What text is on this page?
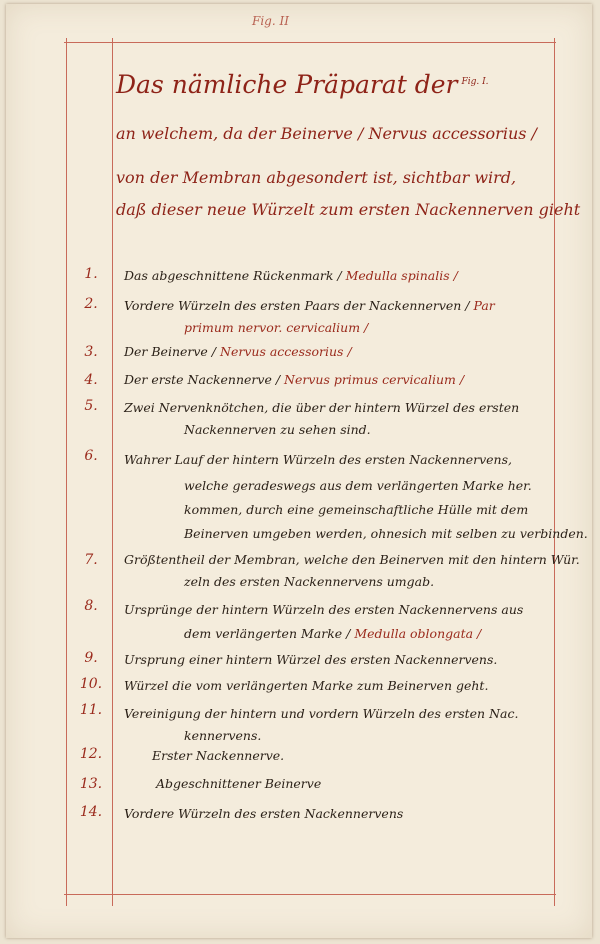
Fig. II
Das nämliche Präparat der $^{Fig. I.}$
an welchem, da der Beinerve / Nervus accessorius /
von der Membran abgesondert ist, sichtbar wird,
daß dieser neue Würzelt zum ersten Nackennerven gieht
1.	Das abgeschnittene Rückenmark / Medulla spinalis /
2.	Vordere Würzeln des ersten Paars der Nackennerven / Par
primum nervor. cervicalium /
3.	Der Beinerve / Nervus accessorius /
4.	Der erste Nackennerve / Nervus primus cervicalium /
5.	Zwei Nervenknötchen, die über der hintern Würzel des ersten
Nackennerven zu sehen sind.
6.	Wahrer Lauf der hintern Würzeln des ersten Nackennervens,
welche geradeswegs aus dem verlängerten Marke her.
kommen, durch eine gemeinschaftliche Hülle mit dem
Beinerven umgeben werden, ohnesich mit selben zu verbinden.
7.	Größtentheil der Membran, welche den Beinerven mit den hintern Wür.
zeln des ersten Nackennervens umgab.
8.	Ursprünge der hintern Würzeln des ersten Nackennervens aus
dem verlängerten Marke / Medulla oblongata /
9.	Ursprung einer hintern Würzel des ersten Nackennervens.
10.	Würzel die vom verlängerten Marke zum Beinerven geht.
11.	Vereinigung der hintern und vordern Würzeln des ersten Nac.
kennervens.
12.	Erster Nackennerve.
13.	Abgeschnittener Beinerve
14.	Vordere Würzeln des ersten Nackennervens
